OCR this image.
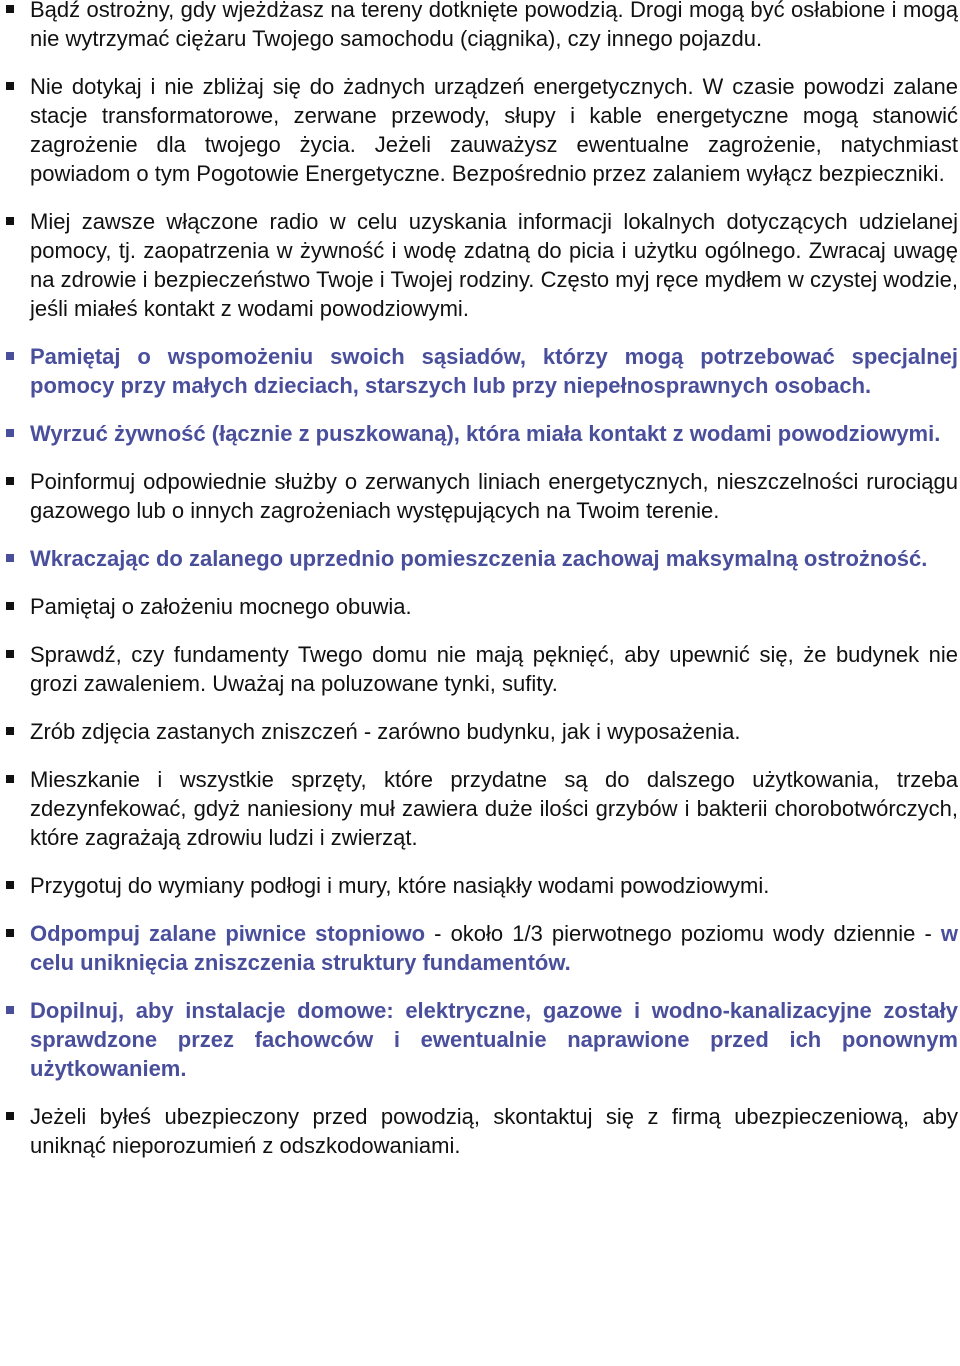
Bądź ostrożny, gdy wjeżdżasz na tereny dotknięte powodzią. Drogi mogą być osłabione i mogą nie wytrzymać ciężaru Twojego samochodu (ciągnika), czy innego pojazdu.
Nie dotykaj i nie zbliżaj się do żadnych urządzeń energetycznych. W czasie powodzi zalane stacje transformatorowe, zerwane przewody, słupy i kable energetyczne mogą stanowić zagrożenie dla twojego życia. Jeżeli zauważysz ewentualne zagrożenie, natychmiast powiadom o tym Pogotowie Energetyczne. Bezpośrednio przez zalaniem wyłącz bezpieczniki.
Miej zawsze włączone radio w celu uzyskania informacji lokalnych dotyczących udzielanej pomocy, tj. zaopatrzenia w żywność i wodę zdatną do picia i użytku ogólnego. Zwracaj uwagę na zdrowie i bezpieczeństwo Twoje i Twojej rodziny. Często myj ręce mydłem w czystej wodzie, jeśli miałeś kontakt z wodami powodziowymi.
Pamiętaj o wspomożeniu swoich sąsiadów, którzy mogą potrzebować specjalnej pomocy przy małych dzieciach, starszych lub przy niepełnosprawnych osobach.
Wyrzuć żywność (łącznie z puszkowaną), która miała kontakt z wodami powodziowymi.
Poinformuj odpowiednie służby o zerwanych liniach energetycznych, nieszczelności rurociągu gazowego lub o innych zagrożeniach występujących na Twoim terenie.
Wkraczając do zalanego uprzednio pomieszczenia zachowaj maksymalną ostrożność.
Pamiętaj o założeniu mocnego obuwia.
Sprawdź, czy fundamenty Twego domu nie mają pęknięć, aby upewnić się, że budynek nie grozi zawaleniem. Uważaj na poluzowane tynki, sufity.
Zrób zdjęcia zastanych zniszczeń - zarówno budynku, jak i wyposażenia.
Mieszkanie i wszystkie sprzęty, które przydatne są do dalszego użytkowania, trzeba zdezynfekować, gdyż naniesiony muł zawiera duże ilości grzybów i bakterii chorobotwórczych, które zagrażają zdrowiu ludzi i zwierząt.
Przygotuj do wymiany podłogi i mury, które nasiąkły wodami powodziowymi.
Odpompuj zalane piwnice stopniowo - około 1/3 pierwotnego poziomu wody dziennie - w celu uniknięcia zniszczenia struktury fundamentów.
Dopilnuj, aby instalacje domowe: elektryczne, gazowe i wodno-kanalizacyjne zostały sprawdzone przez fachowców i ewentualnie naprawione przed ich ponownym użytkowaniem.
Jeżeli byłeś ubezpieczony przed powodzią, skontaktuj się z firmą ubezpieczeniową, aby uniknąć nieporozumień z odszkodowaniami.
